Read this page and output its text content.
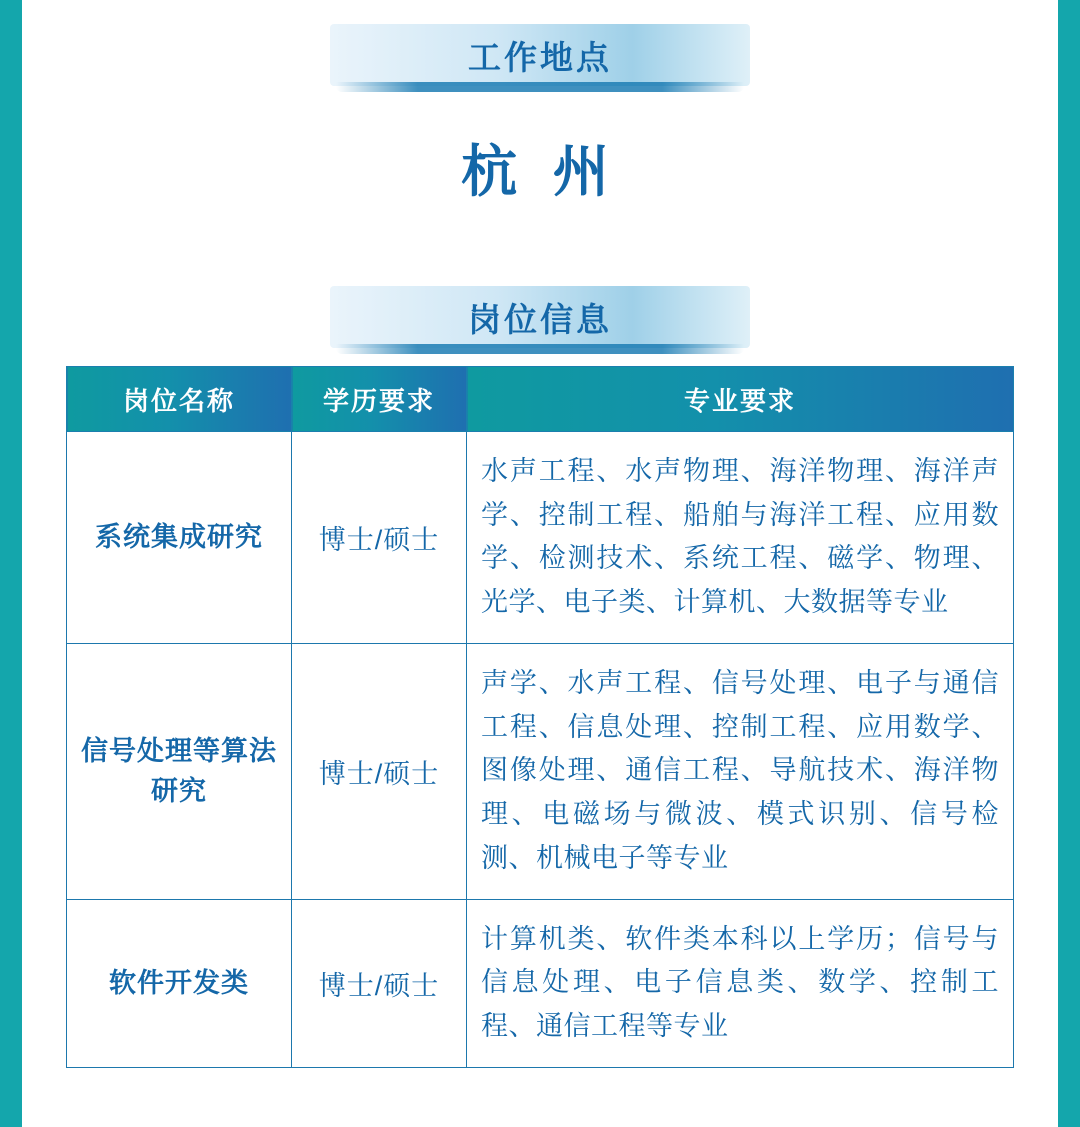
工作地点
杭 州
岗位信息
岗位名称	学历要求	专业要求
系统集成研究	博士/硕士	水声工程、水声物理、海洋物理、海洋声学、控制工程、船舶与海洋工程、应用数学、检测技术、系统工程、磁学、物理、光学、电子类、计算机、大数据等专业
信号处理等算法研究	博士/硕士	声学、水声工程、信号处理、电子与通信工程、信息处理、控制工程、应用数学、图像处理、通信工程、导航技术、海洋物理、电磁场与微波、模式识别、信号检测、机械电子等专业
软件开发类	博士/硕士	计算机类、软件类本科以上学历；信号与信息处理、电子信息类、数学、控制工程、通信工程等专业
